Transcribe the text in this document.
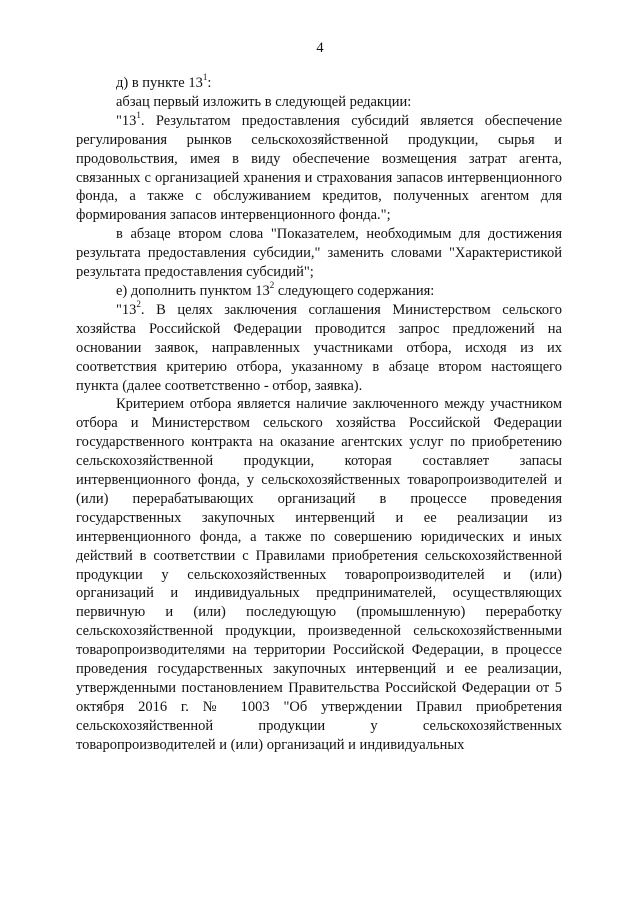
4

д) в пункте $13^1$:

абзац первый изложить в следующей редакции:

"$13^1$. Результатом предоставления субсидий является обеспечение регулирования рынков сельскохозяйственной продукции, сырья и продовольствия, имея в виду обеспечение возмещения затрат агента, связанных с организацией хранения и страхования запасов интервенционного фонда, а также с обслуживанием кредитов, полученных агентом для формирования запасов интервенционного фонда.";

в абзаце втором слова "Показателем, необходимым для достижения результата предоставления субсидии," заменить словами "Характеристикой результата предоставления субсидий";

е) дополнить пунктом $13^2$ следующего содержания:

"$13^2$. В целях заключения соглашения Министерством сельского хозяйства Российской Федерации проводится запрос предложений на основании заявок, направленных участниками отбора, исходя из их соответствия критерию отбора, указанному в абзаце втором настоящего пункта (далее соответственно - отбор, заявка).

Критерием отбора является наличие заключенного между участником отбора и Министерством сельского хозяйства Российской Федерации государственного контракта на оказание агентских услуг по приобретению сельскохозяйственной продукции, которая составляет запасы интервенционного фонда, у сельскохозяйственных товаропроизводителей и (или) перерабатывающих организаций в процессе проведения государственных закупочных интервенций и ее реализации из интервенционного фонда, а также по совершению юридических и иных действий в соответствии с Правилами приобретения сельскохозяйственной продукции у сельскохозяйственных товаропроизводителей и (или) организаций и индивидуальных предпринимателей, осуществляющих первичную и (или) последующую (промышленную) переработку сельскохозяйственной продукции, произведенной сельскохозяйственными товаропроизводителями на территории Российской Федерации, в процессе проведения государственных закупочных интервенций и ее реализации, утвержденными постановлением Правительства Российской Федерации от 5 октября 2016 г. № 1003 "Об утверждении Правил приобретения сельскохозяйственной продукции у сельскохозяйственных товаропроизводителей и (или) организаций и индивидуальных
